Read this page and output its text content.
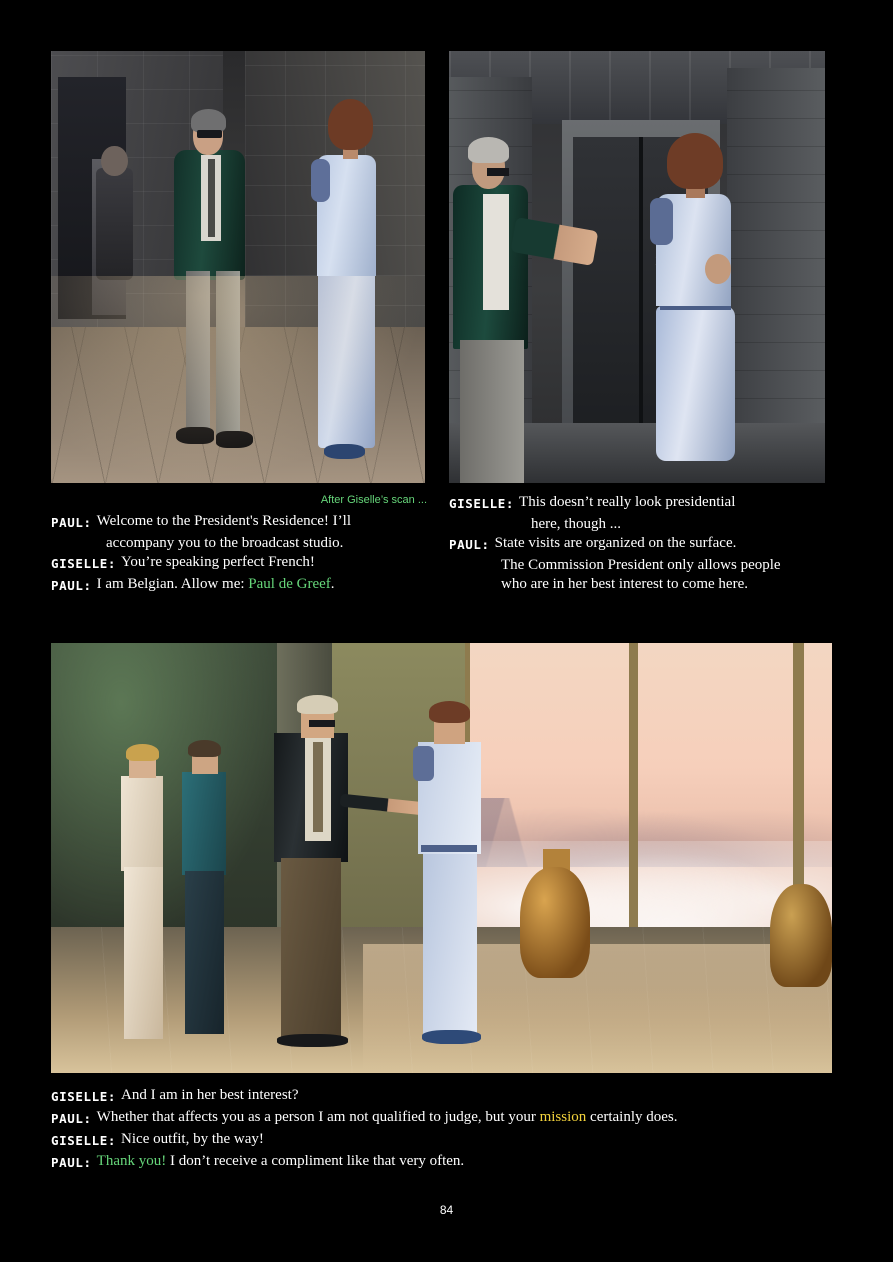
After Giselle’s scan ...
PAUL : Welcome to the President's Residence! I’ll
accompany you to the broadcast studio.
GISELLE : You’re speaking perfect French!
PAUL : I am Belgian. Allow me: Paul de Greef.
GISELLE : This doesn’t really look presidential
here, though ...
PAUL : State visits are organized on the surface.
The Commission President only allows people
who are in her best interest to come here.
GISELLE : And I am in her best interest?
PAUL : Whether that affects you as a person I am not qualified to judge, but your mission certainly does.
GISELLE : Nice outfit, by the way!
PAUL : Thank you! I don’t receive a compliment like that very often.
84
